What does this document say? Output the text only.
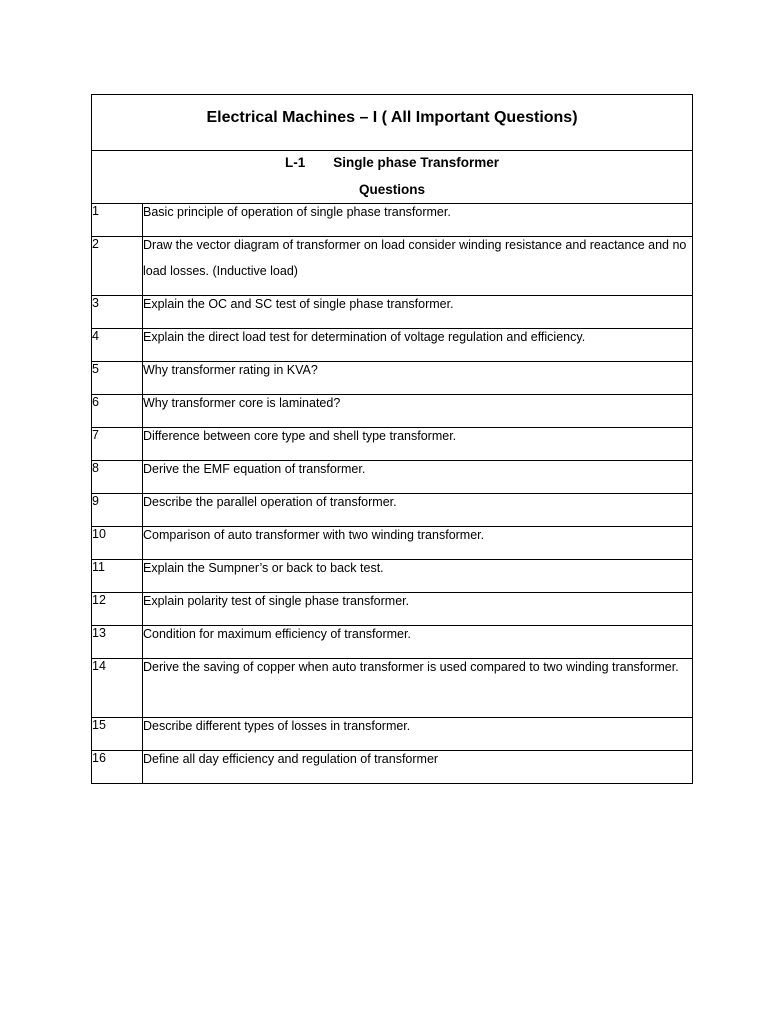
Electrical Machines – I ( All Important Questions)	

L-1 Single phase Transformer
Questions	

1	Basic principle of operation of single phase transformer.

2	Draw the vector diagram of transformer on load consider winding resistance and reactance and no load losses. (Inductive load)

3	Explain the OC and SC test of single phase transformer.

4	Explain the direct load test for determination of voltage regulation and efficiency.

5	Why transformer rating in KVA?

6	Why transformer core is laminated?

7	Difference between core type and shell type transformer.

8	Derive the EMF equation of transformer.

9	Describe the parallel operation of transformer.

10	Comparison of auto transformer with two winding transformer.

11	Explain the Sumpner’s or back to back test.

12	Explain polarity test of single phase transformer.

13	Condition for maximum efficiency of transformer.

14	Derive the saving of copper when auto transformer is used compared to two winding transformer.

15	Describe different types of losses in transformer.

16	Define all day efficiency and regulation of transformer
